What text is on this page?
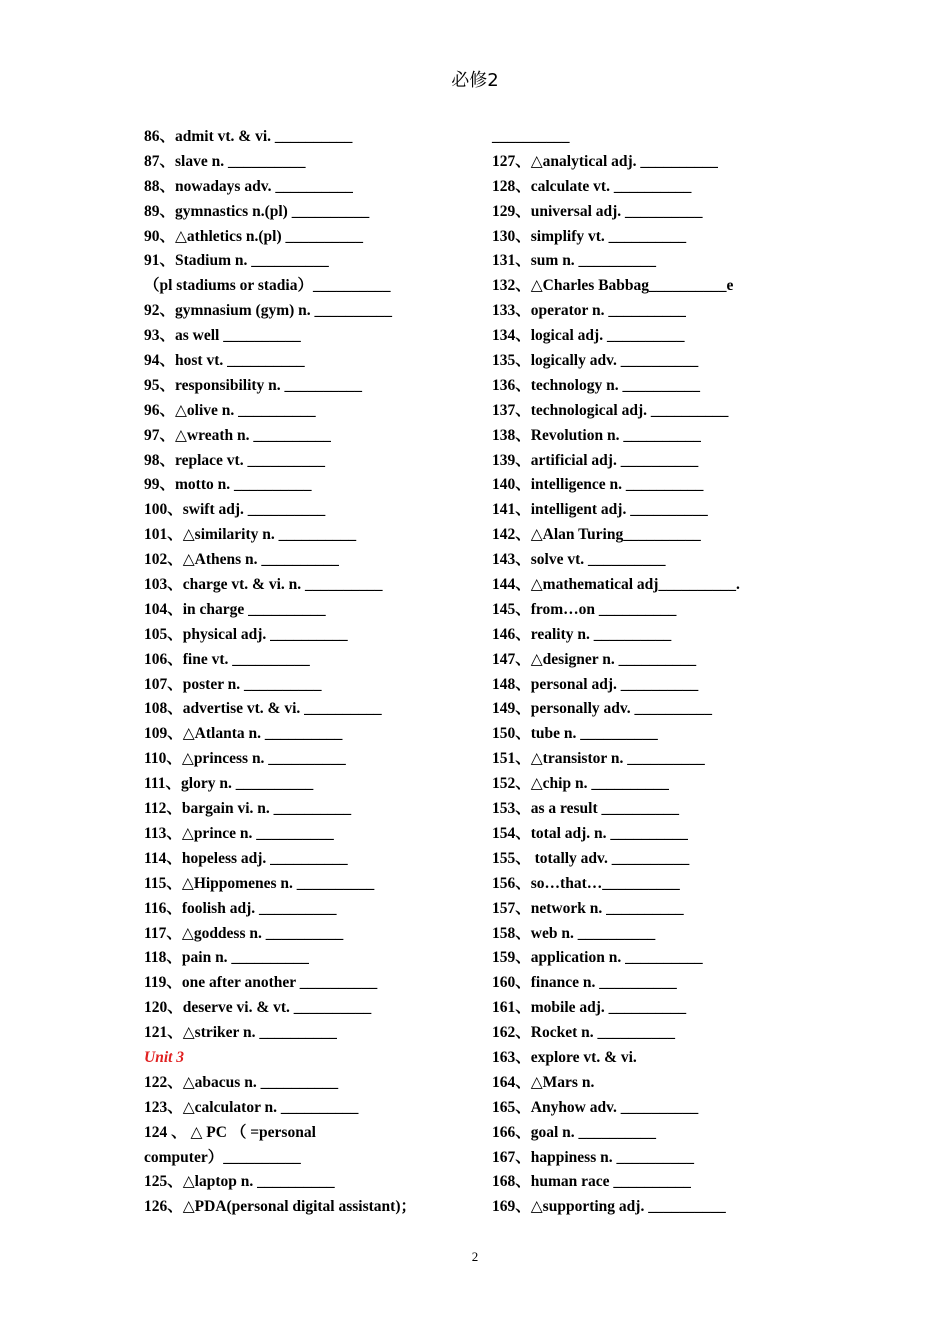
必修2
86、admit vt. & vi. __________
87、slave n. __________
88、nowadays adv. __________
89、gymnastics n.(pl) __________
90、△athletics n.(pl) __________
91、Stadium n. __________
（pl stadiums or stadia）__________
92、gymnasium (gym) n. __________
93、as well __________
94、host vt. __________
95、responsibility n. __________
96、△olive n. __________
97、△wreath n. __________
98、replace vt. __________
99、motto n. __________
100、swift adj. __________
101、△similarity n. __________
102、△Athens n. __________
103、charge vt. & vi. n. __________
104、in charge __________
105、physical adj. __________
106、fine vt. __________
107、poster n. __________
108、advertise vt. & vi. __________
109、△Atlanta n. __________
110、△princess n. __________
111、glory n. __________
112、bargain vi. n. __________
113、△prince n. __________
114、hopeless adj. __________
115、△Hippomenes n. __________
116、foolish adj. __________
117、△goddess n. __________
118、pain n. __________
119、one after another __________
120、deserve vi. & vt. __________
121、△striker n. __________
Unit 3
122、△abacus n. __________
123、△calculator n. __________
124 、 △ PC （ =personal
computer）__________
125、△laptop n. __________
126、△PDA(personal digital assistant)；
__________
127、△analytical adj. __________
128、calculate vt. __________
129、universal adj. __________
130、simplify vt. __________
131、sum n. __________
132、△Charles Babbag__________e
133、operator n. __________
134、logical adj. __________
135、logically adv. __________
136、technology n. __________
137、technological adj. __________
138、Revolution n. __________
139、artificial adj. __________
140、intelligence n. __________
141、intelligent adj. __________
142、△Alan Turing__________
143、solve vt. __________
144、△mathematical adj__________.
145、from…on __________
146、reality n. __________
147、△designer n. __________
148、personal adj. __________
149、personally adv. __________
150、tube n. __________
151、△transistor n. __________
152、△chip n. __________
153、as a result __________
154、total adj. n. __________
155、 totally adv. __________
156、so…that…__________
157、network n. __________
158、web n. __________
159、application n. __________
160、finance n. __________
161、mobile adj. __________
162、Rocket n. __________
163、explore vt. & vi.
164、△Mars n.
165、Anyhow adv. __________
166、goal n. __________
167、happiness n. __________
168、human race __________
169、△supporting adj. __________
2
